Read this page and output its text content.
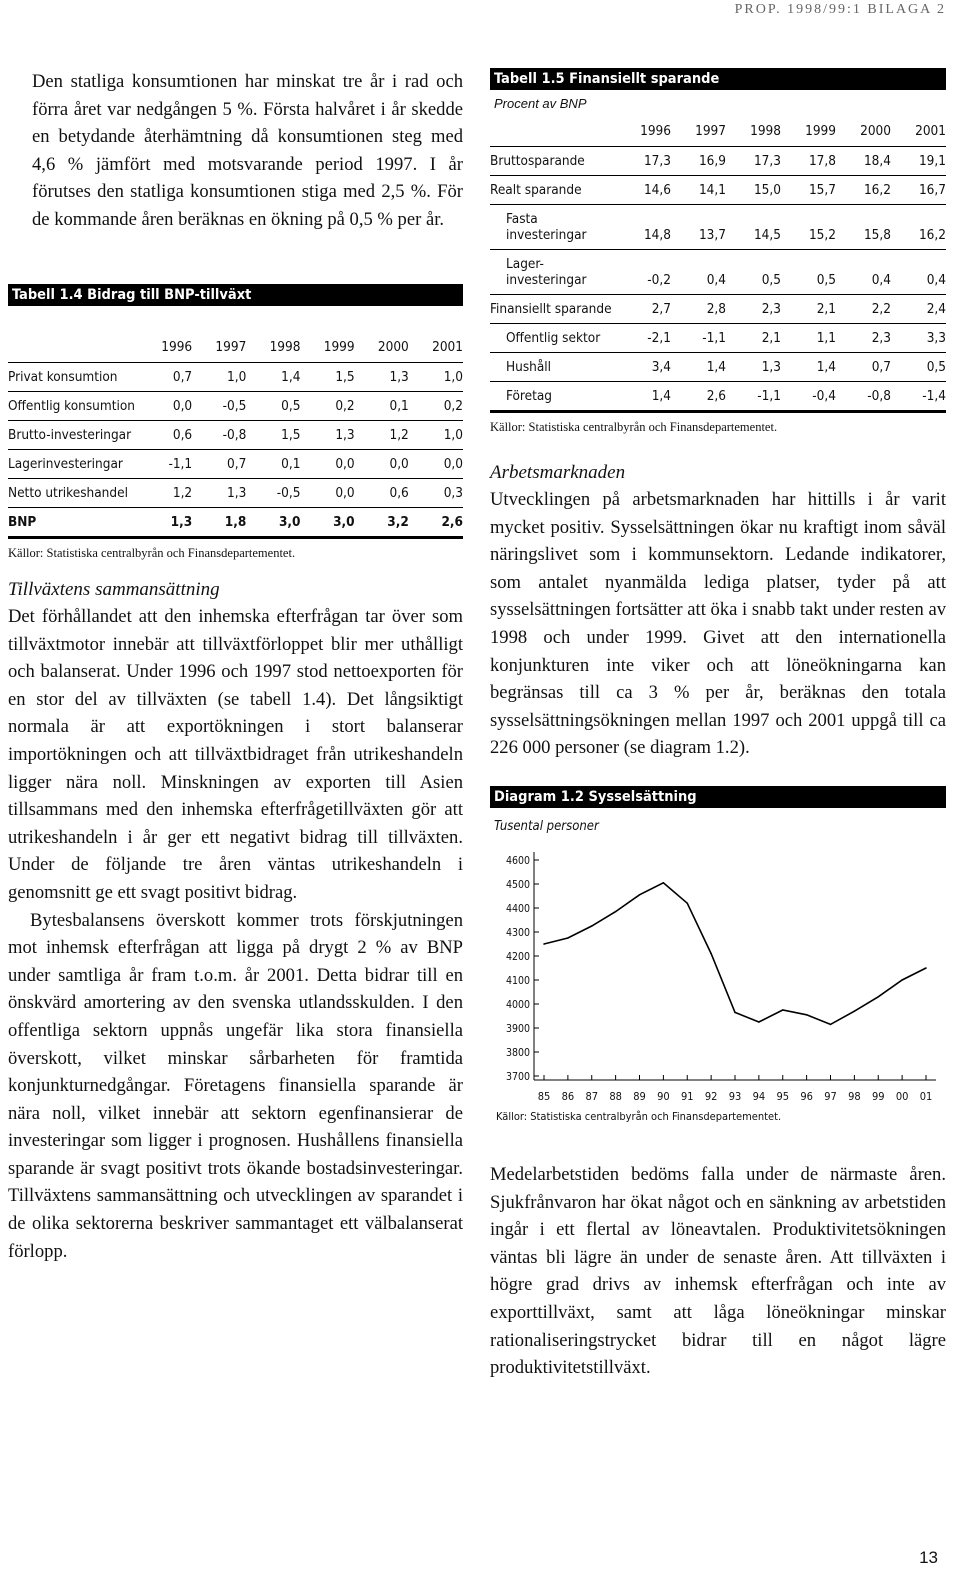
PROP. 1998/99:1 BILAGA 2

Den statliga konsumtionen har minskat tre år i rad och förra året var nedgången 5 %. Första halvåret i år skedde en betydande återhämtning då konsumtionen steg med 4,6 % jämfört med motsvarande period 1997. I år förutses den statliga konsumtionen stiga med 2,5 %. För de kommande åren beräknas en ökning på 0,5 % per år.

Tabell 1.4 Bidrag till BNP-tillväxt
	1996	1997	1998	1999	2000	2001
Privat konsumtion	0,7	1,0	1,4	1,5	1,3	1,0
Offentlig konsumtion	0,0	-0,5	0,5	0,2	0,1	0,2
Brutto-investeringar	0,6	-0,8	1,5	1,3	1,2	1,0
Lagerinvesteringar	-1,1	0,7	0,1	0,0	0,0	0,0
Netto utrikeshandel	1,2	1,3	-0,5	0,0	0,6	0,3
BNP	1,3	1,8	3,0	3,0	3,2	2,6
Källor: Statistiska centralbyrån och Finansdepartementet.

Tillväxtens sammansättning

Det förhållandet att den inhemska efterfrågan tar över som tillväxtmotor innebär att tillväxtförloppet blir mer uthålligt och balanserat. Under 1996 och 1997 stod nettoexporten för en stor del av tillväxten (se tabell 1.4). Det långsiktigt normala är att exportökningen i stort balanserar importökningen och att tillväxtbidraget från utrikeshandeln ligger nära noll. Minskningen av exporten till Asien tillsammans med den inhemska efterfrågetillväxten gör att utrikeshandeln i år ger ett negativt bidrag till tillväxten. Under de följande tre åren väntas utrikeshandeln i genomsnitt ge ett svagt positivt bidrag.

Bytesbalansens överskott kommer trots förskjutningen mot inhemsk efterfrågan att ligga på drygt 2 % av BNP under samtliga år fram t.o.m. år 2001. Detta bidrar till en önskvärd amortering av den svenska utlandsskulden. I den offentliga sektorn uppnås ungefär lika stora finansiella överskott, vilket minskar sårbarheten för framtida konjunkturnedgångar. Företagens finansiella sparande är nära noll, vilket innebär att sektorn egenfinansierar de investeringar som ligger i prognosen. Hushållens finansiella sparande är svagt positivt trots ökande bostadsinvesteringar. Tillväxtens sammansättning och utvecklingen av sparandet i de olika sektorerna beskriver sammantaget ett välbalanserat förlopp.

Tabell 1.5 Finansiellt sparande
Procent av BNP
	1996	1997	1998	1999	2000	2001
Bruttosparande	17,3	16,9	17,3	17,8	18,4	19,1
Realt sparande	14,6	14,1	15,0	15,7	16,2	16,7
Fasta investeringar	14,8	13,7	14,5	15,2	15,8	16,2
Lager-investeringar	-0,2	0,4	0,5	0,5	0,4	0,4
Finansiellt sparande	2,7	2,8	2,3	2,1	2,2	2,4
Offentlig sektor	-2,1	-1,1	2,1	1,1	2,3	3,3
Hushåll	3,4	1,4	1,3	1,4	0,7	0,5
Företag	1,4	2,6	-1,1	-0,4	-0,8	-1,4
Källor: Statistiska centralbyrån och Finansdepartementet.

Arbetsmarknaden

Utvecklingen på arbetsmarknaden har hittills i år varit mycket positiv. Sysselsättningen ökar nu kraftigt inom såväl näringslivet som i kommunsektorn. Ledande indikatorer, som antalet nyanmälda lediga platser, tyder på att sysselsättningen fortsätter att öka i snabb takt under resten av 1998 och under 1999. Givet att den internationella konjunkturen inte viker och att löneökningarna kan begränsas till ca 3 % per år, beräknas den totala sysselsättningsökningen mellan 1997 och 2001 uppgå till ca 226 000 personer (se diagram 1.2).

Diagram 1.2 Sysselsättning
Tusental personer
4600
4500
4400
4300
4200
4100
4000
3900
3800
3700
85 86 87 88 89 90 91 92 93 94 95 96 97 98 99 00 01
Källor: Statistiska centralbyrån och Finansdepartementet.

Medelarbetstiden bedöms falla under de närmaste åren. Sjukfrånvaron har ökat något och en sänkning av arbetstiden ingår i ett flertal av löneavtalen. Produktivitetsökningen väntas bli lägre än under de senaste åren. Att tillväxten i högre grad drivs av inhemsk efterfrågan och inte av exporttillväxt, samt att låga löneökningar minskar rationaliseringstrycket bidrar till en något lägre produktivitetstillväxt.

13
